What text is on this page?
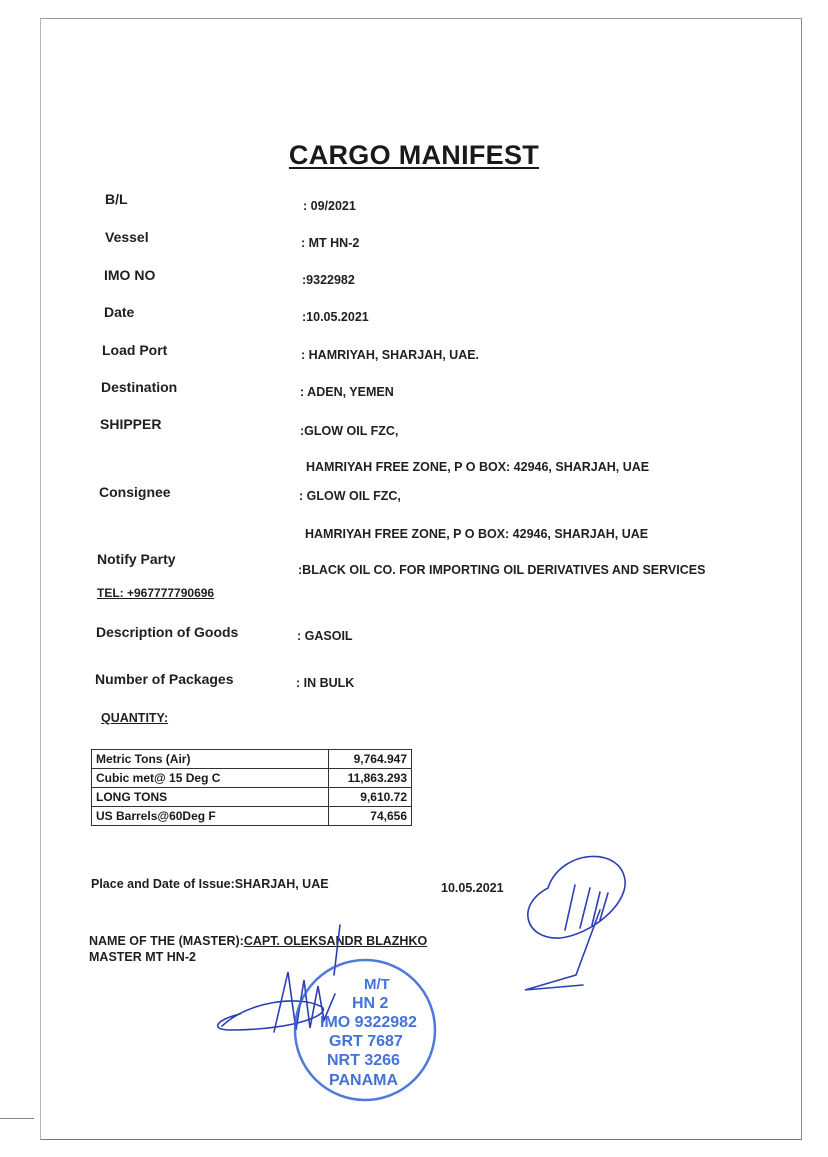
CARGO MANIFEST
B/L	: 09/2021
Vessel	: MT HN-2
IMO NO	:9322982
Date	:10.05.2021
Load Port	: HAMRIYAH, SHARJAH, UAE.
Destination	: ADEN, YEMEN
SHIPPER	:GLOW OIL FZC,
HAMRIYAH FREE ZONE, P O BOX: 42946, SHARJAH, UAE
Consignee	: GLOW OIL FZC,
HAMRIYAH FREE ZONE, P O BOX: 42946, SHARJAH, UAE
Notify Party
:BLACK OIL CO. FOR IMPORTING OIL DERIVATIVES AND SERVICES
TEL: +967777790696
Description of Goods	: GASOIL
Number of Packages	: IN BULK
QUANTITY:
Metric Tons (Air)	9,764.947
Cubic met@ 15 Deg C	11,863.293
LONG TONS	9,610.72
US Barrels@60Deg F	74,656
Place and Date of Issue:SHARJAH, UAE	10.05.2021
NAME OF THE (MASTER):CAPT. OLEKSANDR BLAZHKO
MASTER MT HN-2
M/T
HN 2
IMO 9322982
GRT 7687
NRT 3266
PANAMA
